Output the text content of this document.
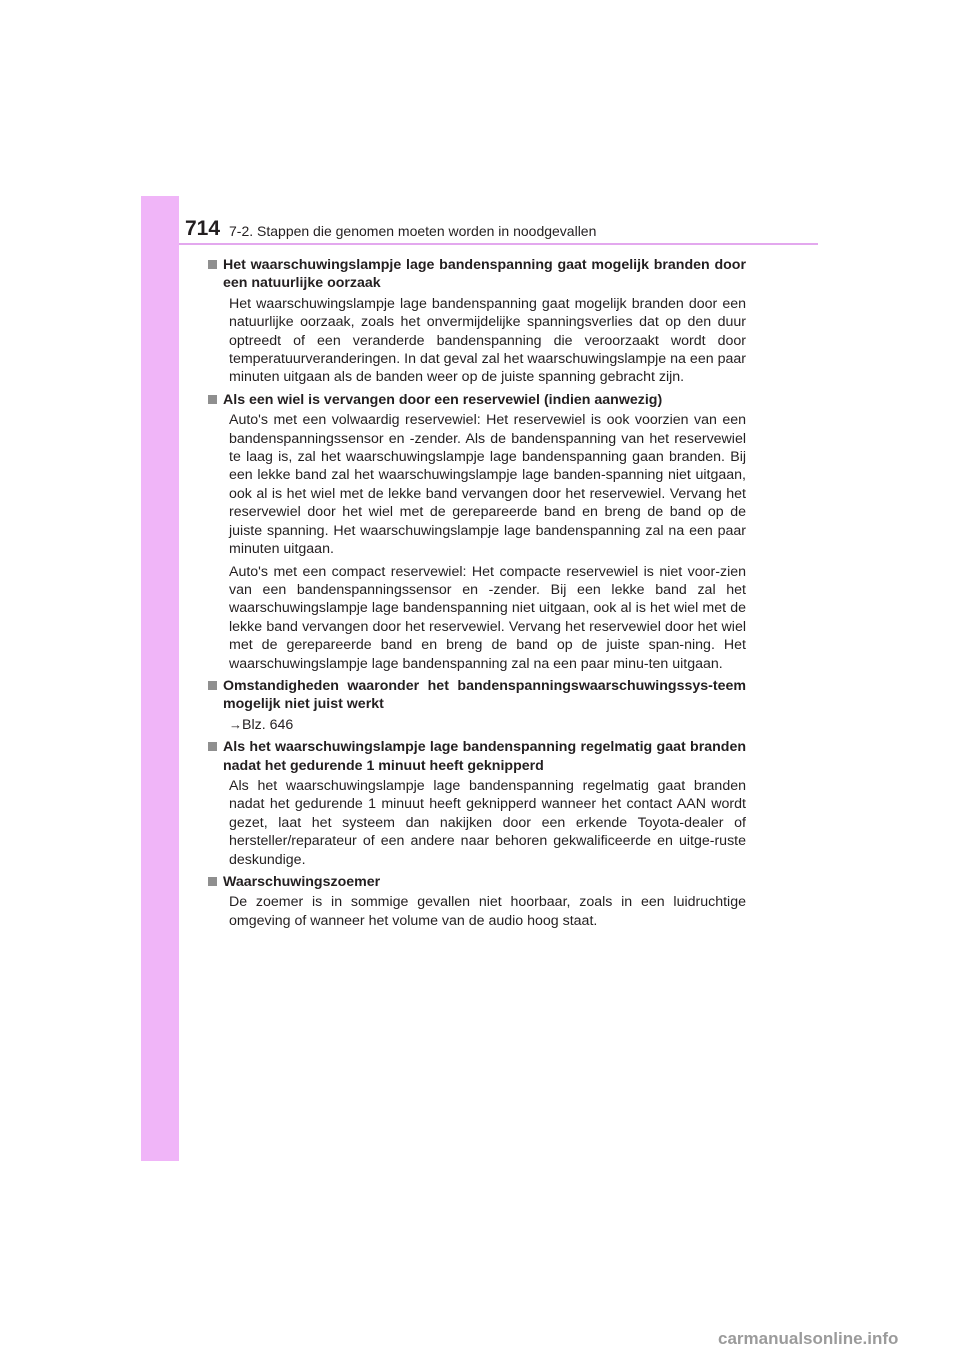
714 7-2. Stappen die genomen moeten worden in noodgevallen
Het waarschuwingslampje lage bandenspanning gaat mogelijk branden door een natuurlijke oorzaak

Het waarschuwingslampje lage bandenspanning gaat mogelijk branden door een natuurlijke oorzaak, zoals het onvermijdelijke spanningsverlies dat op den duur optreedt of een veranderde bandenspanning die veroorzaakt wordt door temperatuurveranderingen. In dat geval zal het waarschuwingslampje na een paar minuten uitgaan als de banden weer op de juiste spanning gebracht zijn.

Als een wiel is vervangen door een reservewiel (indien aanwezig)

Auto's met een volwaardig reservewiel: Het reservewiel is ook voorzien van een bandenspanningssensor en -zender. Als de bandenspanning van het reservewiel te laag is, zal het waarschuwingslampje lage bandenspanning gaan branden. Bij een lekke band zal het waarschuwingslampje lage banden-spanning niet uitgaan, ook al is het wiel met de lekke band vervangen door het reservewiel. Vervang het reservewiel door het wiel met de gerepareerde band en breng de band op de juiste spanning. Het waarschuwingslampje lage bandenspanning zal na een paar minuten uitgaan.

Auto's met een compact reservewiel: Het compacte reservewiel is niet voor-zien van een bandenspanningssensor en -zender. Bij een lekke band zal het waarschuwingslampje lage bandenspanning niet uitgaan, ook al is het wiel met de lekke band vervangen door het reservewiel. Vervang het reservewiel door het wiel met de gerepareerde band en breng de band op de juiste span-ning. Het waarschuwingslampje lage bandenspanning zal na een paar minu-ten uitgaan.

Omstandigheden waaronder het bandenspanningswaarschuwingssys-teem mogelijk niet juist werkt
→Blz. 646
Als het waarschuwingslampje lage bandenspanning regelmatig gaat branden nadat het gedurende 1 minuut heeft geknipperd

Als het waarschuwingslampje lage bandenspanning regelmatig gaat branden nadat het gedurende 1 minuut heeft geknipperd wanneer het contact AAN wordt gezet, laat het systeem dan nakijken door een erkende Toyota-dealer of hersteller/reparateur of een andere naar behoren gekwalificeerde en uitge-ruste deskundige.

Waarschuwingszoemer

De zoemer is in sommige gevallen niet hoorbaar, zoals in een luidruchtige omgeving of wanneer het volume van de audio hoog staat.

carmanualsonline.info
